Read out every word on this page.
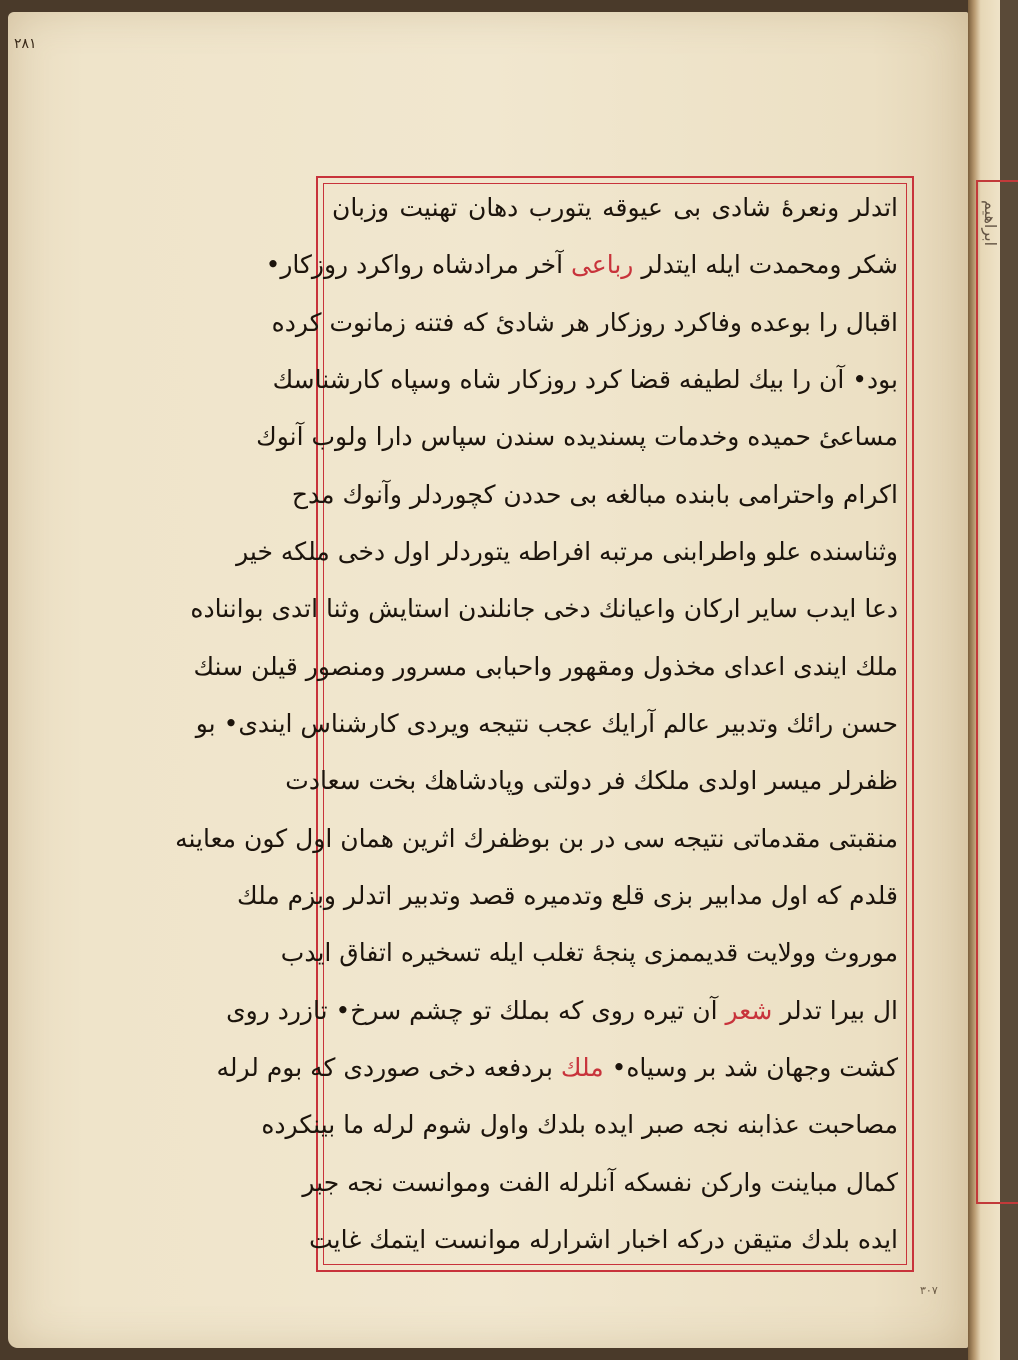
ابراهيم
٢٨١
٣٠٧
اتدلر ونعرهٔ شادی بی عیوقه یتورب دهان تهنیت وزبان
شکر ومحمدت ایله ایتدلر رباعی آخر مرادشاه رواکرد روزکار•
اقبال را بوعده وفاکرد روزکار هر شادیٔ که فتنه زمانوت کرده
بود• آن را بیك لطیفه قضا کرد روزکار شاه وسپاه کارشناسك
مساعیٔ حمیده وخدمات پسندیده سندن سپاس دارا ولوب آنوك
اکرام واحترامی بابنده مبالغه بی حددن کچوردلر وآنوك مدح
وثناسنده علو واطرابنی مرتبه افراطه یتوردلر اول دخی ملکه خیر
دعا ایدب سایر ارکان واعیانك دخی جانلندن استایش وثنا اتدی بوانناده
ملك ایندی اعدای مخذول ومقهور واحبابی مسرور ومنصور قیلن سنك
حسن رائك وتدبیر عالم آرایك عجب نتیجه ویردی کارشناس ایندی• بو
ظفرلر میسر اولدی ملکك فر دولتی وپادشاهك بخت سعادت
منقبتی مقدماتی نتیجه سی در بن بوظفرك اثرین همان اول کون معاینه
قلدم که اول مدابیر بزی قلع وتدمیره قصد وتدبیر اتدلر وبزم ملك
موروث وولایت قدیممزی پنجهٔ تغلب ایله تسخیره اتفاق ایدب
ال بیرا تدلر شعر آن تیره روی که بملك تو چشم سرخ• تازرد روی
کشت وجهان شد بر وسیاه• ملك بردفعه دخی صوردی که بوم لرله
مصاحبت عذابنه نجه صبر ایده بلدك واول شوم لرله ما بینکرده
کمال مباینت وارکن نفسکه آنلرله الفت وموانست نجه جبر
ایده بلدك متیقن درکه اخبار اشرارله موانست ایتمك غایت
